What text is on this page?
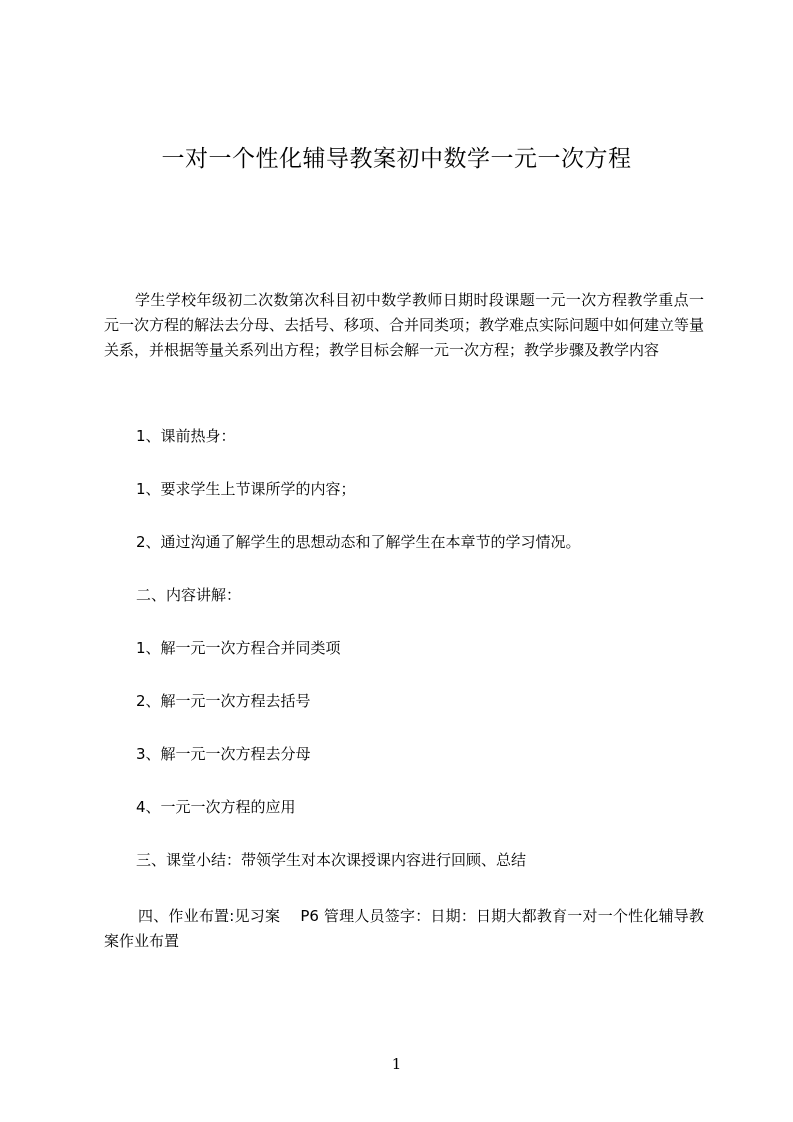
一对一个性化辅导教案初中数学一元一次方程

学生学校年级初二次数第次科目初中数学教师日期时段课题一元一次方程教学重点一元一次方程的解法去分母、去括号、移项、合并同类项；教学难点实际问题中如何建立等量关系，并根据等量关系列出方程；教学目标会解一元一次方程；教学步骤及教学内容

1、课前热身：

1、要求学生上节课所学的内容；

2、通过沟通了解学生的思想动态和了解学生在本章节的学习情况。

二、内容讲解：

1、解一元一次方程合并同类项

2、解一元一次方程去括号

3、解一元一次方程去分母

4、一元一次方程的应用

三、课堂小结：带领学生对本次课授课内容进行回顾、总结

四、作业布置:见习案　 P6 管理人员签字：日期：日期大都教育一对一个性化辅导教案作业布置

1
